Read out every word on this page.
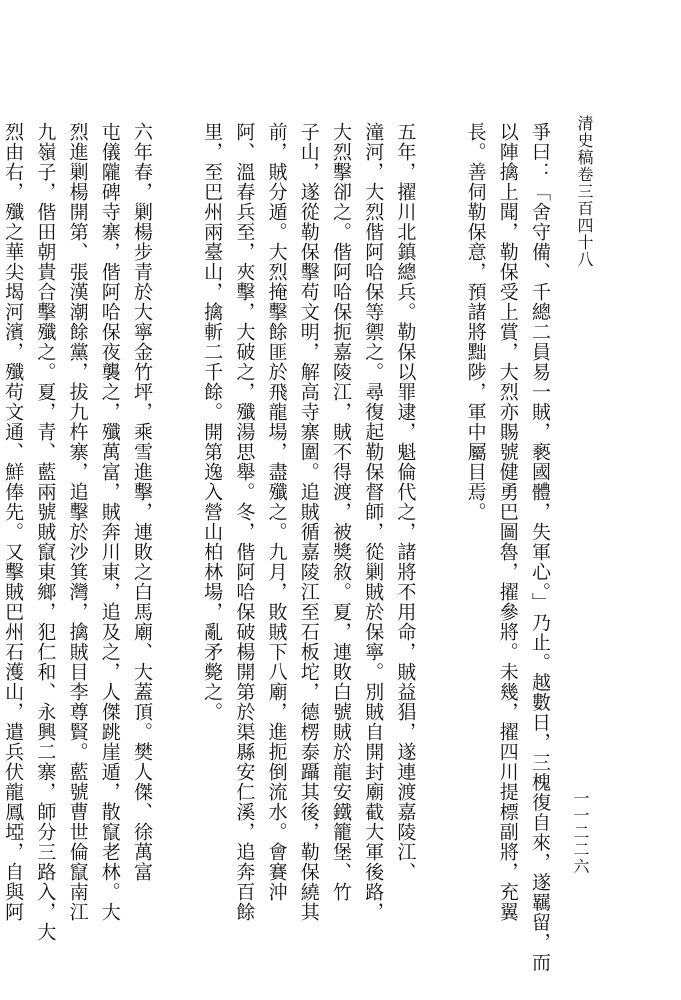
清史稿卷三百四十八
一一二二六
爭曰：「舍守備、千總二員易一賊，褻國體，失軍心。」乃止。越數日，三槐復自來，遂羈留，而
以陣擒上聞，勒保受上賞，大烈亦賜號健勇巴圖魯，擢參將。未幾，擢四川提標副將，充翼
長。善伺勒保意，預諸將黜陟，軍中屬目焉。
五年，擢川北鎮總兵。勒保以罪逮，魁倫代之，諸將不用命，賊益猖，遂連渡嘉陵江、
潼河，大烈偕阿哈保等禦之。尋復起勒保督師，從剿賊於保寧。別賊自開封廟截大軍後路，
大烈擊卻之。偕阿哈保扼嘉陵江，賊不得渡，被獎敘。夏，連敗白號賊於龍安鐵籠堡、竹
子山，遂從勒保擊苟文明，解高寺寨圍。追賊循嘉陵江至石板坨，德楞泰躡其後，勒保繞其
前，賊分遁。大烈掩擊餘匪於飛龍場，盡殲之。九月，敗賊下八廟，進扼倒流水。會賽沖
阿、溫春兵至，夾擊，大破之，殲湯思舉。冬，偕阿哈保破楊開第於渠縣安仁溪，追奔百餘
里，至巴州兩臺山，擒斬二千餘。開第逸入營山柏林場，亂矛斃之。
六年春，剿楊步青於大寧金竹坪，乘雪進擊，連敗之白馬廟、大蓋頂。樊人傑、徐萬富
屯儀隴碑寺寨，偕阿哈保夜襲之，殲萬富，賊奔川東，追及之，人傑跳崖遁，散竄老林。大
烈進剿楊開第、張漢潮餘黨，拔九杵寨，追擊於沙箕灣，擒賊目李尊賢。藍號曹世倫竄南江
九嶺子，偕田朝貴合擊殲之。夏，青、藍兩號賊竄東鄉，犯仁和、永興二寨，師分三路入，大
烈由右，殲之華尖堨河濱，殲苟文通、鮮俸先。又擊賊巴州石濩山，遣兵伏龍鳳埡，自與阿
